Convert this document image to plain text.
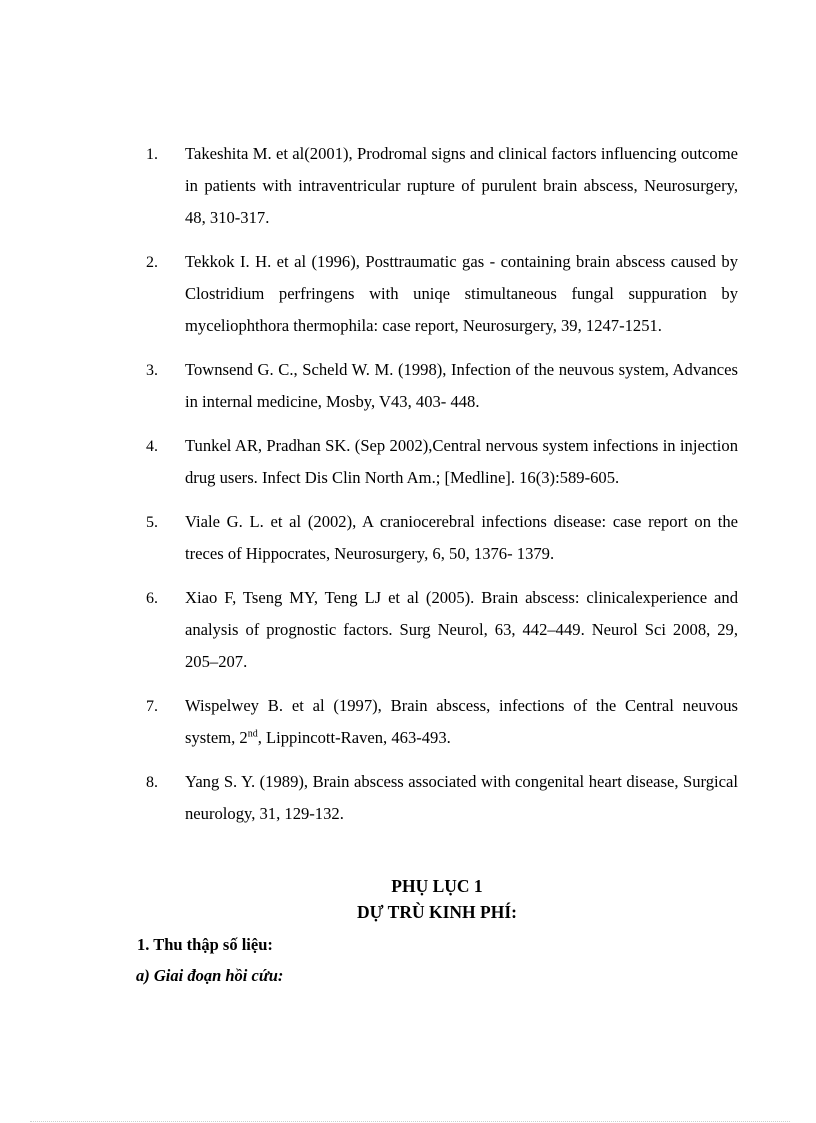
1. Takeshita M. et al(2001), Prodromal signs and clinical factors influencing outcome in patients with intraventricular rupture of purulent brain abscess, Neurosurgery, 48, 310-317.
2. Tekkok I. H. et al (1996), Posttraumatic gas - containing brain abscess caused by Clostridium perfringens with uniqe stimultaneous fungal suppuration by myceliophthora thermophila: case report, Neurosurgery, 39, 1247-1251.
3. Townsend G. C., Scheld W. M. (1998), Infection of the neuvous system, Advances in internal medicine, Mosby, V43, 403- 448.
4. Tunkel AR, Pradhan SK. (Sep 2002),Central nervous system infections in injection drug users. Infect Dis Clin North Am.; [Medline]. 16(3):589-605.
5. Viale G. L. et al (2002), A craniocerebral infections disease: case report on the treces of Hippocrates, Neurosurgery, 6, 50, 1376- 1379.
6. Xiao F, Tseng MY, Teng LJ et al (2005). Brain abscess: clinicalexperience and analysis of prognostic factors. Surg Neurol, 63, 442–449. Neurol Sci 2008, 29, 205–207.
7. Wispelwey B. et al (1997), Brain abscess, infections of the Central neuvous system, 2nd, Lippincott-Raven, 463-493.
8. Yang S. Y. (1989), Brain abscess associated with congenital heart disease, Surgical neurology, 31, 129-132.
PHỤ LỤC 1
DỰ TRÙ KINH PHÍ:
1. Thu thập số liệu:
a) Giai đoạn hồi cứu:
